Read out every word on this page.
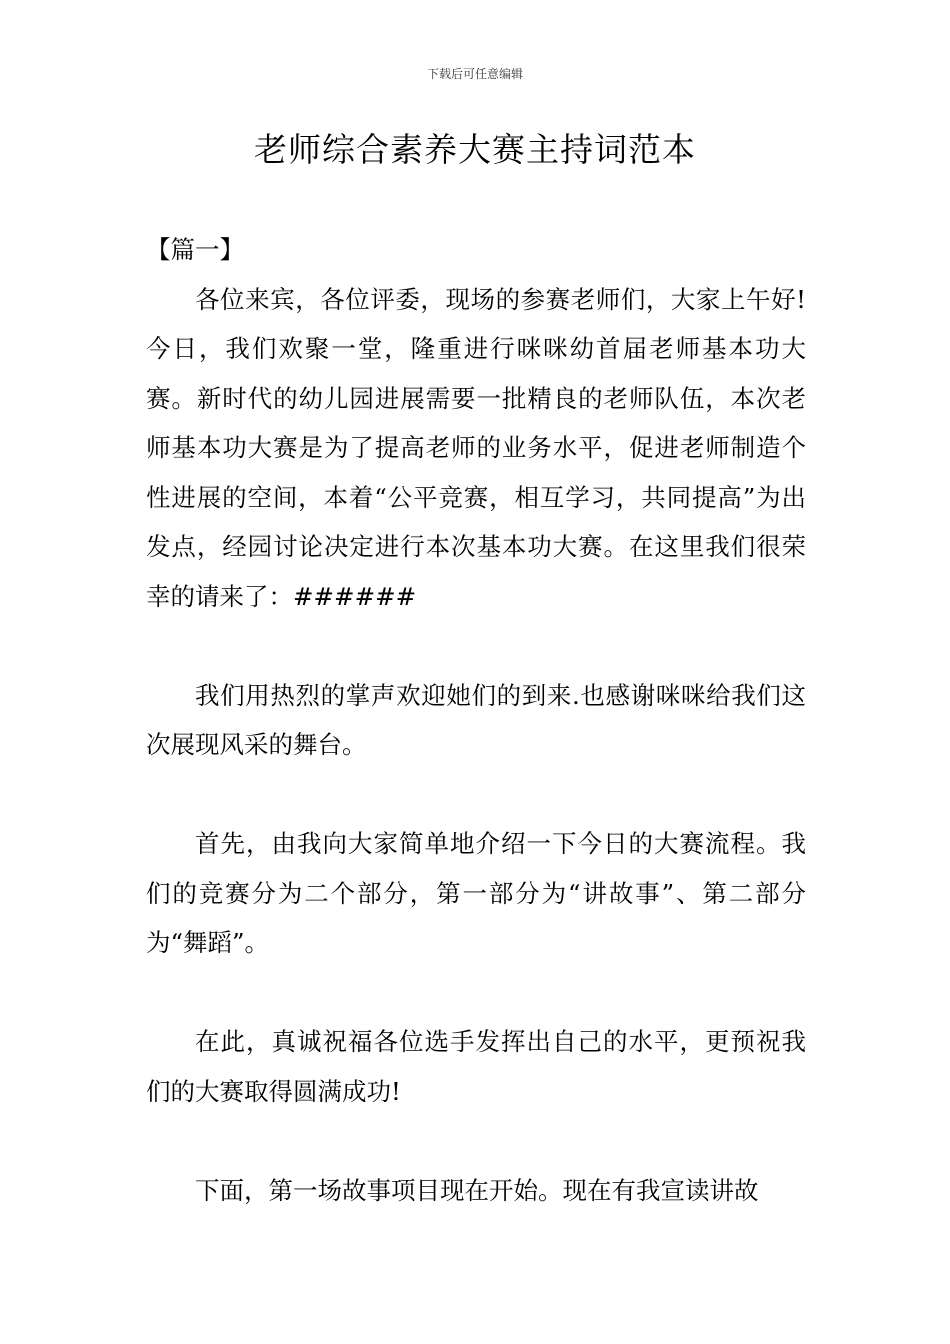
下载后可任意编辑
老师综合素养大赛主持词范本

【篇一】

各位来宾，各位评委，现场的参赛老师们，大家上午好!今日，我们欢聚一堂，隆重进行咪咪幼首届老师基本功大赛。新时代的幼儿园进展需要一批精良的老师队伍，本次老师基本功大赛是为了提高老师的业务水平，促进老师制造个性进展的空间，本着“公平竞赛，相互学习，共同提高”为出发点，经园讨论决定进行本次基本功大赛。在这里我们很荣幸的请来了：######

我们用热烈的掌声欢迎她们的到来.也感谢咪咪给我们这次展现风采的舞台。

首先，由我向大家简单地介绍一下今日的大赛流程。我们的竞赛分为二个部分，第一部分为“讲故事”、第二部分为“舞蹈”。

在此，真诚祝福各位选手发挥出自己的水平，更预祝我们的大赛取得圆满成功!

下面，第一场故事项目现在开始。现在有我宣读讲故
